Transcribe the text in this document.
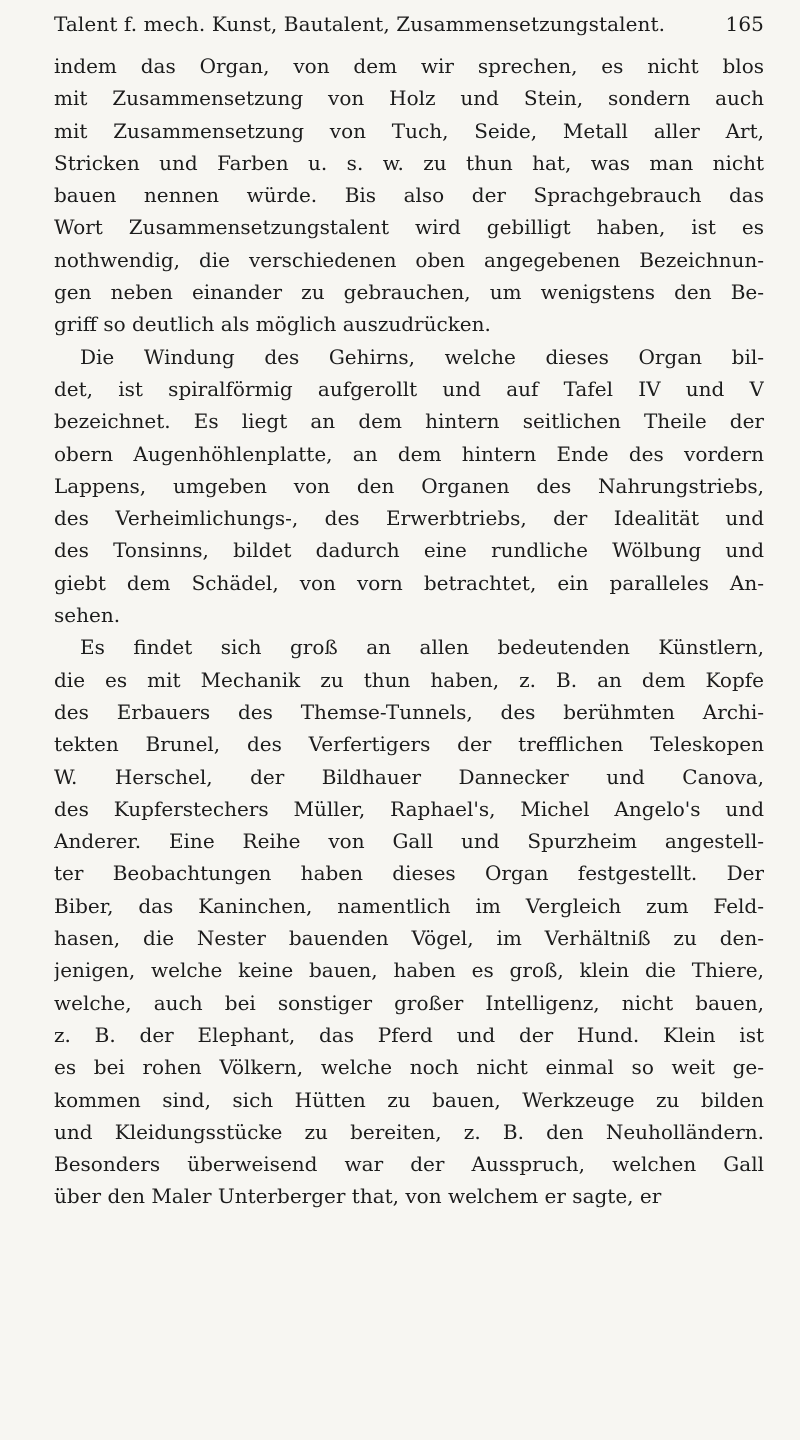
Talent f. mech. Kunst, Bautalent, Zusammensetzungstalent.	165
indem das Organ, von dem wir sprechen, es nicht blos
mit Zusammensetzung von Holz und Stein, sondern auch
mit Zusammensetzung von Tuch, Seide, Metall aller Art,
Stricken und Farben u. s. w. zu thun hat, was man nicht
bauen nennen würde. Bis also der Sprachgebrauch das
Wort Zusammensetzungstalent wird gebilligt haben, ist es
nothwendig, die verschiedenen oben angegebenen Bezeichnun-
gen neben einander zu gebrauchen, um wenigstens den Be-
griff so deutlich als möglich auszudrücken.
Die Windung des Gehirns, welche dieses Organ bil-
det, ist spiralförmig aufgerollt und auf Tafel IV und V
bezeichnet. Es liegt an dem hintern seitlichen Theile der
obern Augenhöhlenplatte, an dem hintern Ende des vordern
Lappens, umgeben von den Organen des Nahrungstriebs,
des Verheimlichungs-, des Erwerbtriebs, der Idealität und
des Tonsinns, bildet dadurch eine rundliche Wölbung und
giebt dem Schädel, von vorn betrachtet, ein paralleles An-
sehen.
Es findet sich groß an allen bedeutenden Künstlern,
die es mit Mechanik zu thun haben, z. B. an dem Kopfe
des Erbauers des Themse-Tunnels, des berühmten Archi-
tekten Brunel, des Verfertigers der trefflichen Teleskopen
W. Herschel, der Bildhauer Dannecker und Canova,
des Kupferstechers Müller, Raphael's, Michel Angelo's und
Anderer. Eine Reihe von Gall und Spurzheim angestell-
ter Beobachtungen haben dieses Organ festgestellt. Der
Biber, das Kaninchen, namentlich im Vergleich zum Feld-
hasen, die Nester bauenden Vögel, im Verhältniß zu den-
jenigen, welche keine bauen, haben es groß, klein die Thiere,
welche, auch bei sonstiger großer Intelligenz, nicht bauen,
z. B. der Elephant, das Pferd und der Hund. Klein ist
es bei rohen Völkern, welche noch nicht einmal so weit ge-
kommen sind, sich Hütten zu bauen, Werkzeuge zu bilden
und Kleidungsstücke zu bereiten, z. B. den Neuholländern.
Besonders überweisend war der Ausspruch, welchen Gall
über den Maler Unterberger that, von welchem er sagte, er
